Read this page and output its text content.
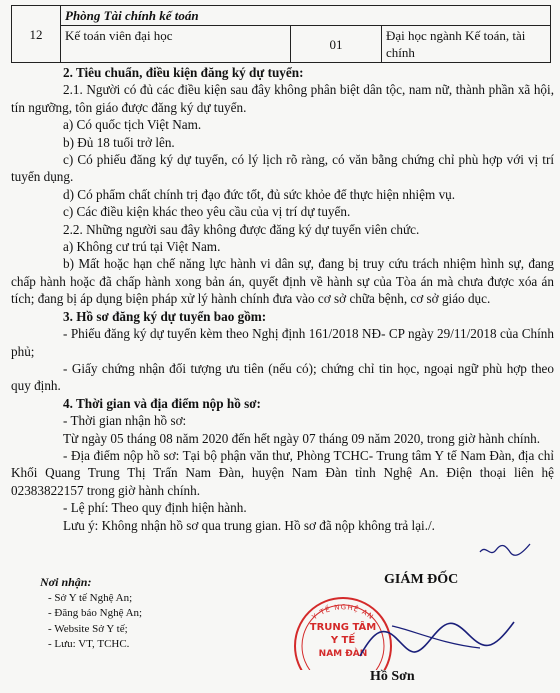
12	Phòng Tài chính kế toán		
	Kế toán viên đại học	01	Đại học ngành Kế toán, tài chính

2. Tiêu chuẩn, điều kiện đăng ký dự tuyển:

2.1. Người có đủ các điều kiện sau đây không phân biệt dân tộc, nam nữ, thành phần xã hội, tín ngưỡng, tôn giáo được đăng ký dự tuyển.

a) Có quốc tịch Việt Nam.

b) Đủ 18 tuổi trở lên.

c) Có phiếu đăng ký dự tuyển, có lý lịch rõ ràng, có văn bằng chứng chỉ phù hợp với vị trí tuyển dụng.

d) Có phẩm chất chính trị đạo đức tốt, đủ sức khỏe để thực hiện nhiệm vụ.

c) Các điều kiện khác theo yêu cầu của vị trí dự tuyển.

2.2. Những người sau đây không được đăng ký dự tuyển viên chức.

a) Không cư trú tại Việt Nam.

b) Mất hoặc hạn chế năng lực hành vi dân sự, đang bị truy cứu trách nhiệm hình sự, đang chấp hành hoặc đã chấp hành xong bản án, quyết định về hành sự của Tòa án mà chưa được xóa án tích; đang bị áp dụng biện pháp xử lý hành chính đưa vào cơ sở chữa bệnh, cơ sở giáo dục.

3. Hồ sơ đăng ký dự tuyển bao gồm:

- Phiếu đăng ký dự tuyển kèm theo Nghị định 161/2018 NĐ- CP ngày 29/11/2018 của Chính phủ;

- Giấy chứng nhận đối tượng ưu tiên (nếu có); chứng chỉ tin học, ngoại ngữ phù hợp theo quy định.

4. Thời gian và địa điểm nộp hồ sơ:

- Thời gian nhận hồ sơ:

Từ ngày 05 tháng 08 năm 2020 đến hết ngày 07 tháng 09 năm 2020, trong giờ hành chính.

- Địa điểm nộp hồ sơ: Tại bộ phận văn thư, Phòng TCHC- Trung tâm Y tế Nam Đàn, địa chỉ Khối Quang Trung Thị Trấn Nam Đàn, huyện Nam Đàn tỉnh Nghệ An. Điện thoại liên hệ 02383822157 trong giờ hành chính.

- Lệ phí: Theo quy định hiện hành.

Lưu ý: Không nhận hồ sơ qua trung gian. Hồ sơ đã nộp không trả lại./.

Nơi nhận:
- Sở Y tế Nghệ An;
- Đăng báo Nghệ An;
- Website Sở Y tế;
- Lưu: VT, TCHC.
GIÁM ĐỐC
Y TẾ NGHỆ AN
TRUNG TÂM
Y TẾ
NAM ĐÀN
Hồ Sơn
